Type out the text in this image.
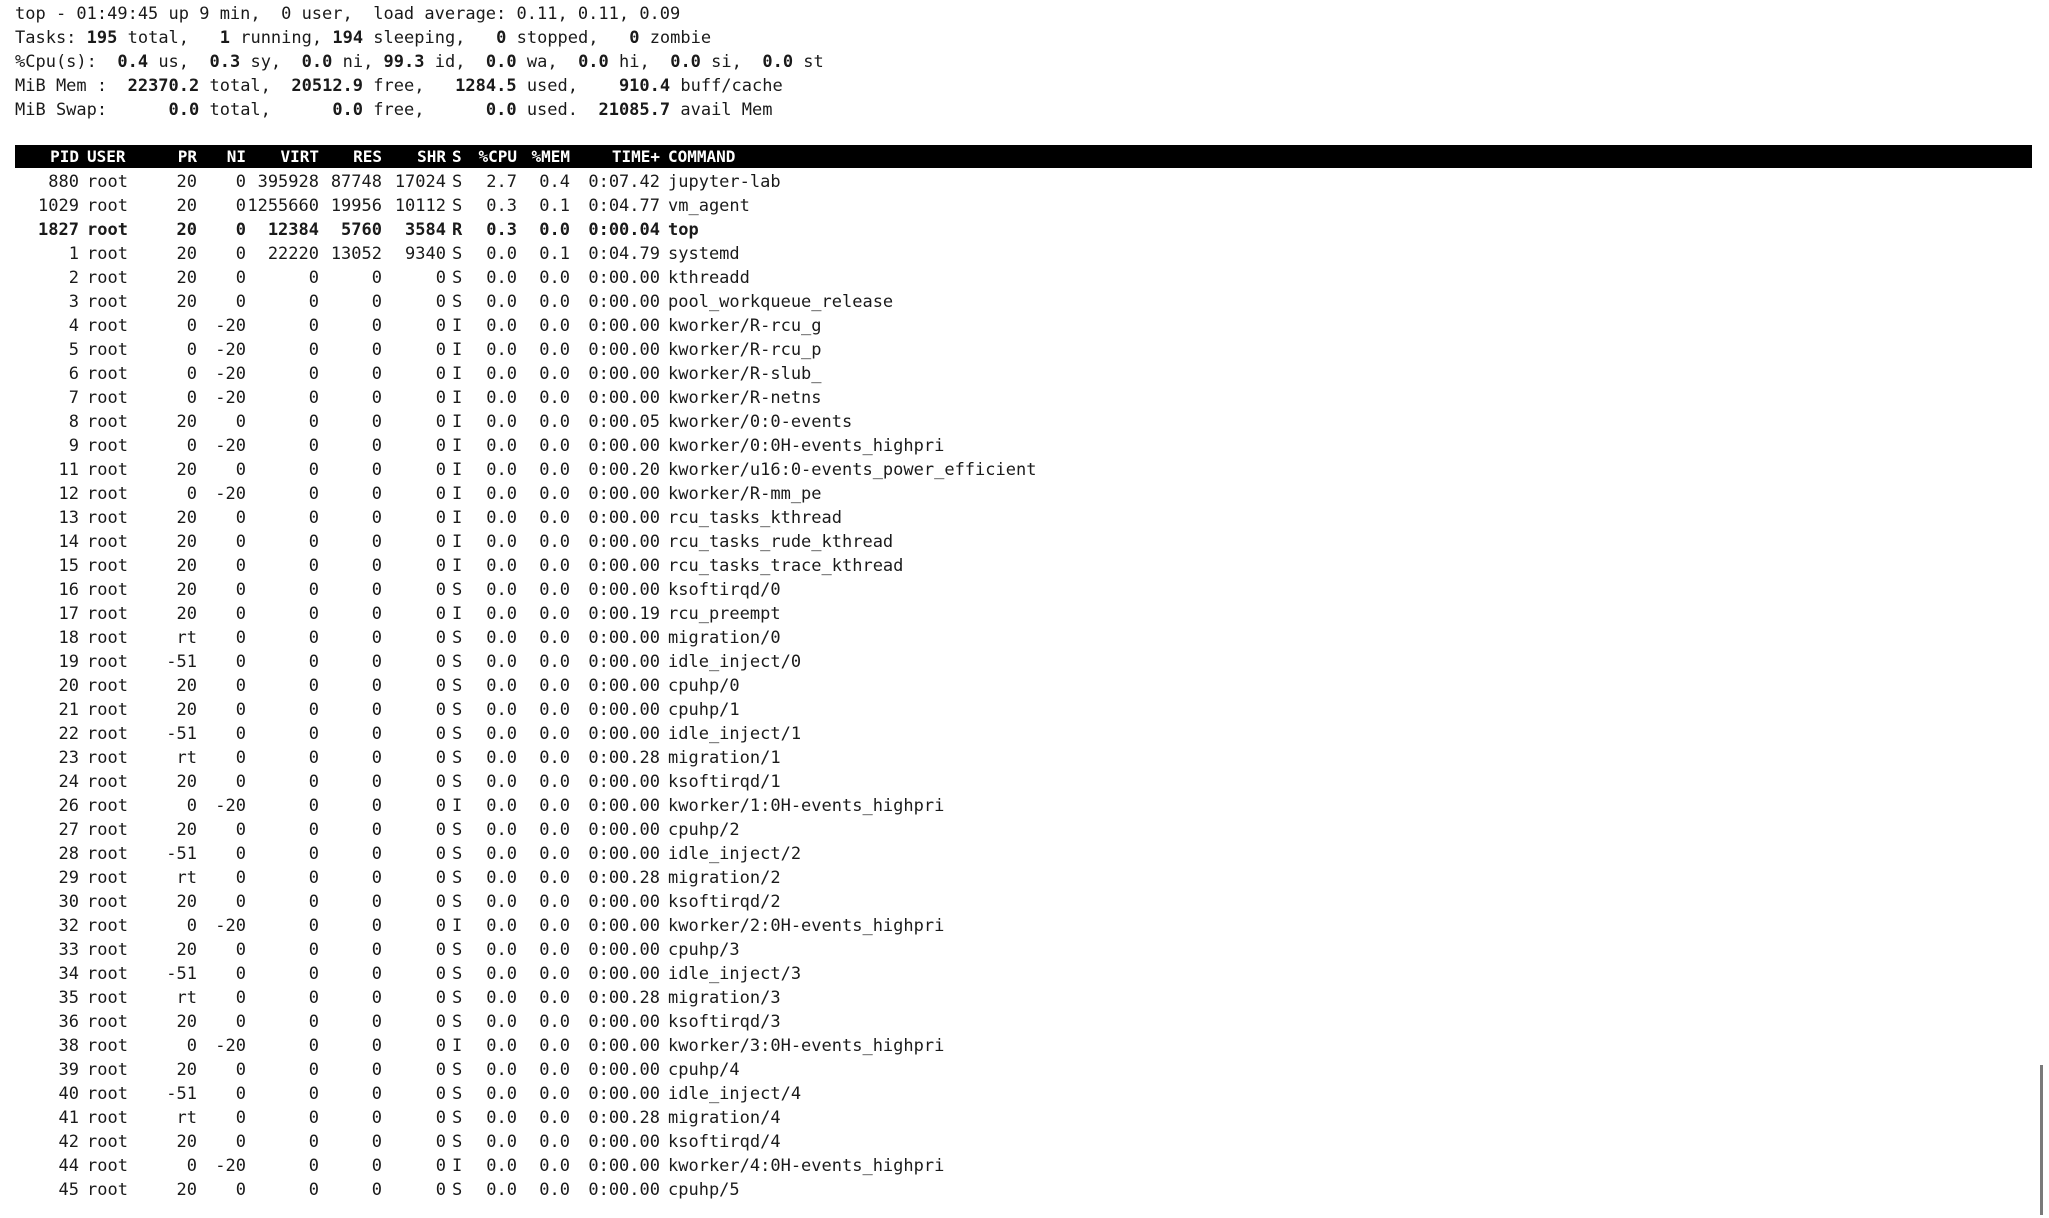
top - 01:49:45 up 9 min,  0 user,  load average: 0.11, 0.11, 0.09
Tasks: 195 total,   1 running, 194 sleeping,   0 stopped,   0 zombie
%Cpu(s):  0.4 us,  0.3 sy,  0.0 ni, 99.3 id,  0.0 wa,  0.0 hi,  0.0 si,  0.0 st
MiB Mem :  22370.2 total,  20512.9 free,   1284.5 used,    910.4 buff/cache
MiB Swap:      0.0 total,      0.0 free,      0.0 used.  21085.7 avail Mem
PID USER	PR	NI	VIRT	RES	SHR S	%CPU %MEM	TIME+ COMMAND
880 root	20	0 395928 87748 17024 S	2.7	0.4	0:07.42 jupyter-lab
1029 root	20	0 1255660 19956 10112 S	0.3	0.1	0:04.77 vm_agent
1827 root	20	0	12384	5760	3584 R	0.3	0.0	0:00.04 top
1 root	20	0	22220 13052	9340 S	0.0	0.1	0:04.79 systemd
2 root	20	0	0	0	0 S	0.0	0.0	0:00.00 kthreadd
3 root	20	0	0	0	0 S	0.0	0.0	0:00.00 pool_workqueue_release
4 root	0	-20	0	0	0 I	0.0	0.0	0:00.00 kworker/R-rcu_g
5 root	0	-20	0	0	0 I	0.0	0.0	0:00.00 kworker/R-rcu_p
6 root	0	-20	0	0	0 I	0.0	0.0	0:00.00 kworker/R-slub_
7 root	0	-20	0	0	0 I	0.0	0.0	0:00.00 kworker/R-netns
8 root	20	0	0	0	0 I	0.0	0.0	0:00.05 kworker/0:0-events
9 root	0	-20	0	0	0 I	0.0	0.0	0:00.00 kworker/0:0H-events_highpri
11 root	20	0	0	0	0 I	0.0	0.0	0:00.20 kworker/u16:0-events_power_efficient
12 root	0	-20	0	0	0 I	0.0	0.0	0:00.00 kworker/R-mm_pe
13 root	20	0	0	0	0 I	0.0	0.0	0:00.00 rcu_tasks_kthread
14 root	20	0	0	0	0 I	0.0	0.0	0:00.00 rcu_tasks_rude_kthread
15 root	20	0	0	0	0 I	0.0	0.0	0:00.00 rcu_tasks_trace_kthread
16 root	20	0	0	0	0 S	0.0	0.0	0:00.00 ksoftirqd/0
17 root	20	0	0	0	0 I	0.0	0.0	0:00.19 rcu_preempt
18 root	rt	0	0	0	0 S	0.0	0.0	0:00.00 migration/0
19 root	-51	0	0	0	0 S	0.0	0.0	0:00.00 idle_inject/0
20 root	20	0	0	0	0 S	0.0	0.0	0:00.00 cpuhp/0
21 root	20	0	0	0	0 S	0.0	0.0	0:00.00 cpuhp/1
22 root	-51	0	0	0	0 S	0.0	0.0	0:00.00 idle_inject/1
23 root	rt	0	0	0	0 S	0.0	0.0	0:00.28 migration/1
24 root	20	0	0	0	0 S	0.0	0.0	0:00.00 ksoftirqd/1
26 root	0	-20	0	0	0 I	0.0	0.0	0:00.00 kworker/1:0H-events_highpri
27 root	20	0	0	0	0 S	0.0	0.0	0:00.00 cpuhp/2
28 root	-51	0	0	0	0 S	0.0	0.0	0:00.00 idle_inject/2
29 root	rt	0	0	0	0 S	0.0	0.0	0:00.28 migration/2
30 root	20	0	0	0	0 S	0.0	0.0	0:00.00 ksoftirqd/2
32 root	0	-20	0	0	0 I	0.0	0.0	0:00.00 kworker/2:0H-events_highpri
33 root	20	0	0	0	0 S	0.0	0.0	0:00.00 cpuhp/3
34 root	-51	0	0	0	0 S	0.0	0.0	0:00.00 idle_inject/3
35 root	rt	0	0	0	0 S	0.0	0.0	0:00.28 migration/3
36 root	20	0	0	0	0 S	0.0	0.0	0:00.00 ksoftirqd/3
38 root	0	-20	0	0	0 I	0.0	0.0	0:00.00 kworker/3:0H-events_highpri
39 root	20	0	0	0	0 S	0.0	0.0	0:00.00 cpuhp/4
40 root	-51	0	0	0	0 S	0.0	0.0	0:00.00 idle_inject/4
41 root	rt	0	0	0	0 S	0.0	0.0	0:00.28 migration/4
42 root	20	0	0	0	0 S	0.0	0.0	0:00.00 ksoftirqd/4
44 root	0	-20	0	0	0 I	0.0	0.0	0:00.00 kworker/4:0H-events_highpri
45 root	20	0	0	0	0 S	0.0	0.0	0:00.00 cpuhp/5
